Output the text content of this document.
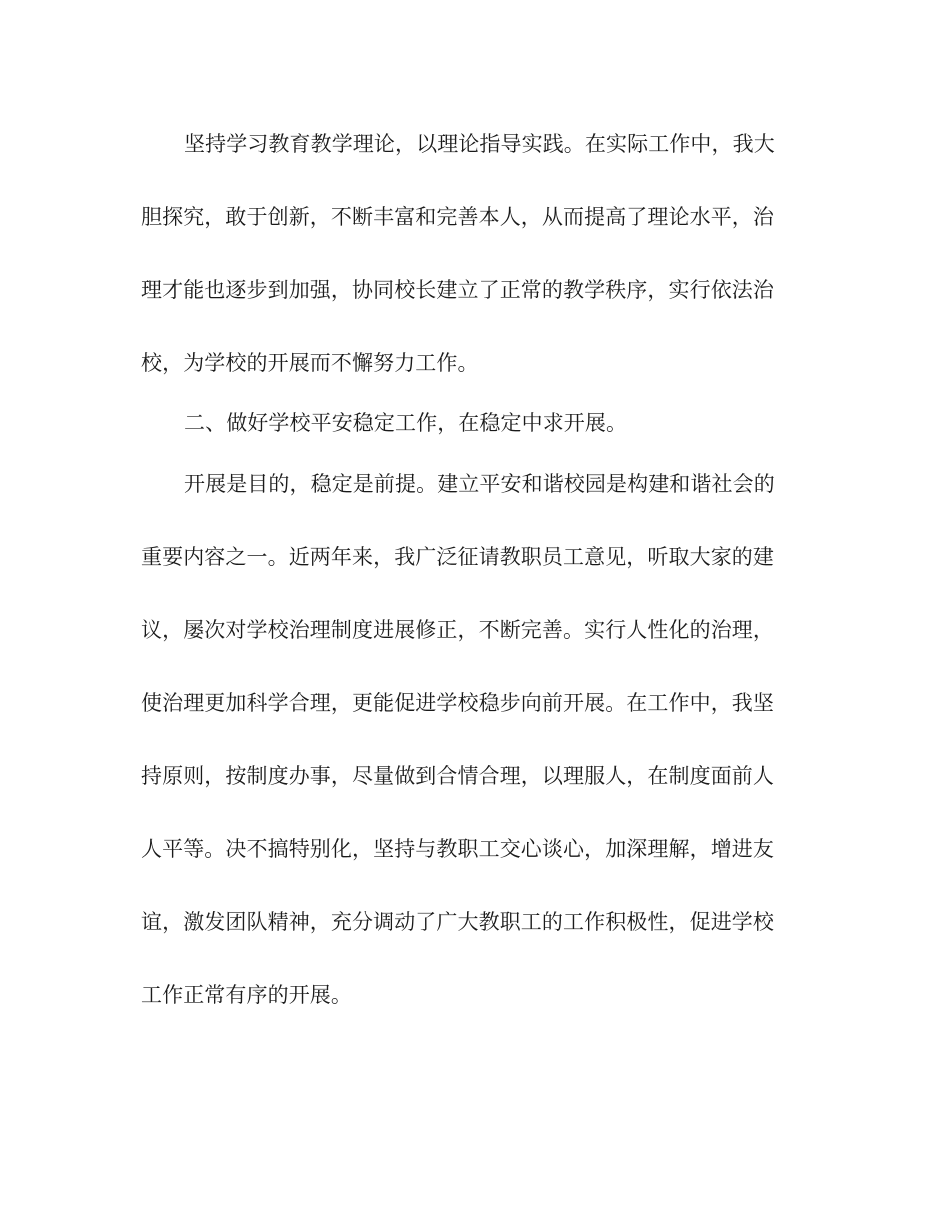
坚持学习教育教学理论，以理论指导实践。在实际工作中，我大
胆探究，敢于创新，不断丰富和完善本人，从而提高了理论水平，治
理才能也逐步到加强，协同校长建立了正常的教学秩序，实行依法治
校，为学校的开展而不懈努力工作。
二、做好学校平安稳定工作，在稳定中求开展。
开展是目的，稳定是前提。建立平安和谐校园是构建和谐社会的
重要内容之一。近两年来，我广泛征请教职员工意见，听取大家的建
议，屡次对学校治理制度进展修正，不断完善。实行人性化的治理，
使治理更加科学合理，更能促进学校稳步向前开展。在工作中，我坚
持原则，按制度办事，尽量做到合情合理，以理服人，在制度面前人
人平等。决不搞特别化，坚持与教职工交心谈心，加深理解，增进友
谊，激发团队精神，充分调动了广大教职工的工作积极性，促进学校
工作正常有序的开展。
